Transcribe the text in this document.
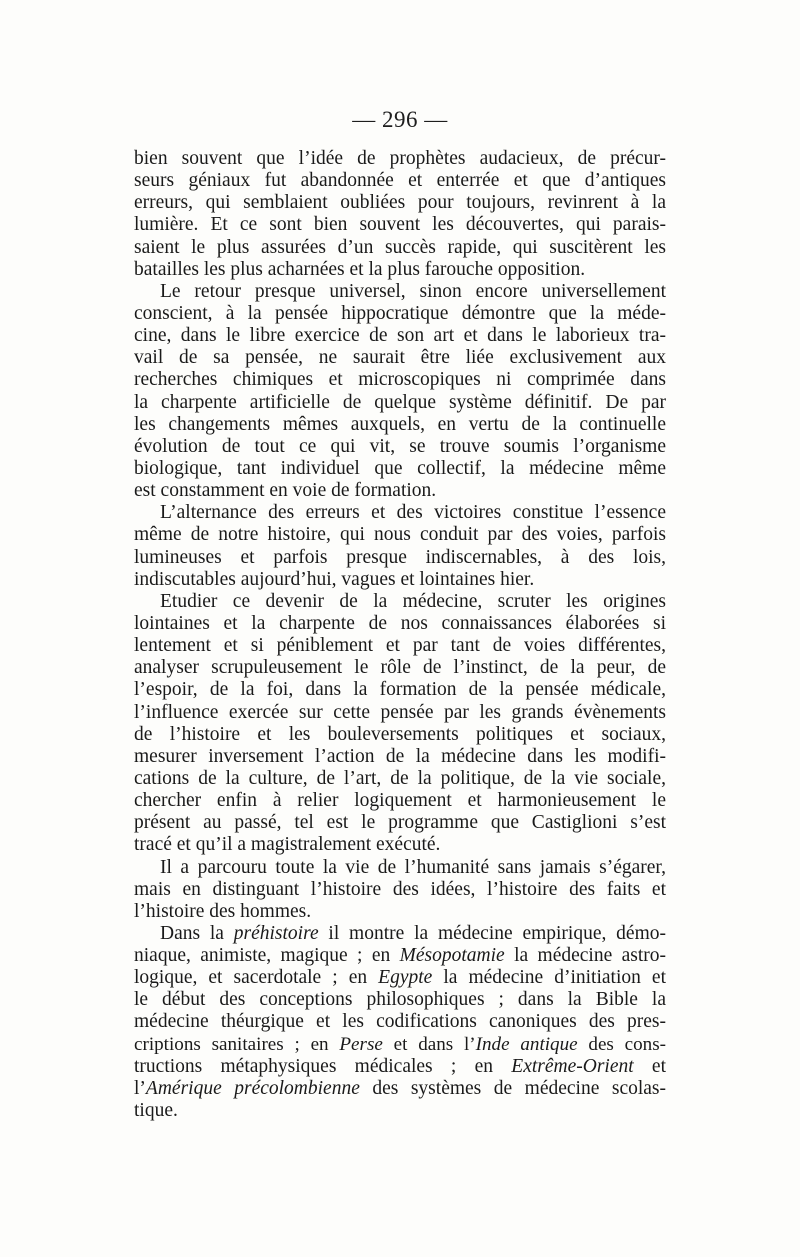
— 296 —
bien souvent que l’idée de prophètes audacieux, de précur-
seurs géniaux fut abandonnée et enterrée et que d’antiques
erreurs, qui semblaient oubliées pour toujours, revinrent à la
lumière. Et ce sont bien souvent les découvertes, qui parais-
saient le plus assurées d’un succès rapide, qui suscitèrent les
batailles les plus acharnées et la plus farouche opposition.
Le retour presque universel, sinon encore universellement
conscient, à la pensée hippocratique démontre que la méde-
cine, dans le libre exercice de son art et dans le laborieux tra-
vail de sa pensée, ne saurait être liée exclusivement aux
recherches chimiques et microscopiques ni comprimée dans
la charpente artificielle de quelque système définitif. De par
les changements mêmes auxquels, en vertu de la continuelle
évolution de tout ce qui vit, se trouve soumis l’organisme
biologique, tant individuel que collectif, la médecine même
est constamment en voie de formation.
L’alternance des erreurs et des victoires constitue l’essence
même de notre histoire, qui nous conduit par des voies, parfois
lumineuses et parfois presque indiscernables, à des lois,
indiscutables aujourd’hui, vagues et lointaines hier.
Etudier ce devenir de la médecine, scruter les origines
lointaines et la charpente de nos connaissances élaborées si
lentement et si péniblement et par tant de voies différentes,
analyser scrupuleusement le rôle de l’instinct, de la peur, de
l’espoir, de la foi, dans la formation de la pensée médicale,
l’influence exercée sur cette pensée par les grands évènements
de l’histoire et les bouleversements politiques et sociaux,
mesurer inversement l’action de la médecine dans les modifi-
cations de la culture, de l’art, de la politique, de la vie sociale,
chercher enfin à relier logiquement et harmonieusement le
présent au passé, tel est le programme que Castiglioni s’est
tracé et qu’il a magistralement exécuté.
Il a parcouru toute la vie de l’humanité sans jamais s’égarer,
mais en distinguant l’histoire des idées, l’histoire des faits et
l’histoire des hommes.
Dans la préhistoire il montre la médecine empirique, démo-
niaque, animiste, magique ; en Mésopotamie la médecine astro-
logique, et sacerdotale ; en Egypte la médecine d’initiation et
le début des conceptions philosophiques ; dans la Bible la
médecine théurgique et les codifications canoniques des pres-
criptions sanitaires ; en Perse et dans l’Inde antique des cons-
tructions métaphysiques médicales ; en Extrême-Orient et
l’Amérique précolombienne des systèmes de médecine scolas-
tique.
